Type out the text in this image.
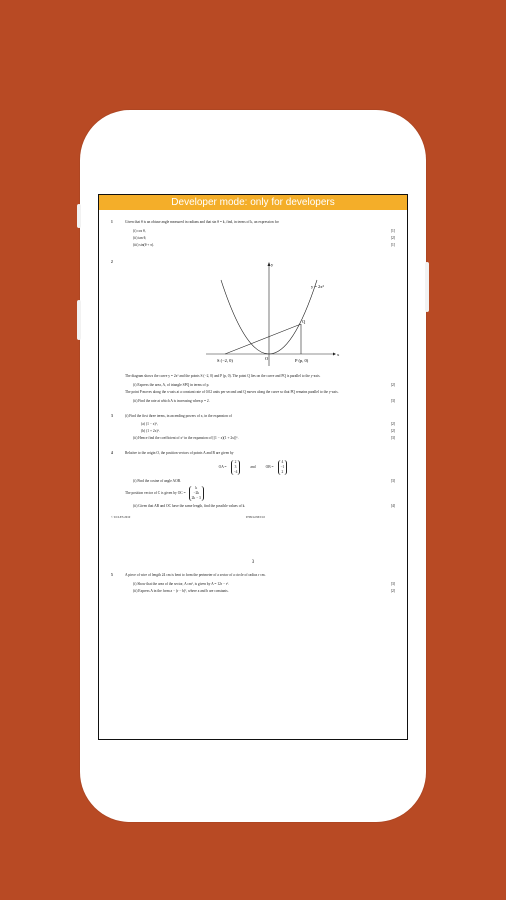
Developer mode: only for developers
1	Given that θ is an obtuse angle measured in radians and that sin θ = k, find, in terms of k, an expression for
(i) cos θ,	[1]
(ii) tan θ,	[2]
(iii) sin(θ + π).	[1]
2
y = 2x²
Q
S (−2, 0)	O	P (p, 0)
x
y
The diagram shows the curve y = 2x² and the points S (−2, 0) and P (p, 0). The point Q lies on the curve and PQ is parallel to the y-axis.
(i) Express the area, A, of triangle SPQ in terms of p.	[2]
The point P moves along the x-axis at a constant rate of 0.02 units per second and Q moves along the curve so that PQ remains parallel to the y-axis.
(ii) Find the rate at which A is increasing when p = 2.	[3]
3	(i) Find the first three terms, in ascending powers of x, in the expansion of
(a) (1 − x)⁶,	[2]
(b) (1 + 2x)⁶.	[2]
(ii) Hence find the coefficient of x² in the expansion of [(1 − x)(1 + 2x)]⁶.	[3]
4	Relative to the origin O, the position vectors of points A and B are given by
OA =
2
3
−4
and	OB =
4
−1
2
(i) Find the cosine of angle AOB.	[3]
The position vector of C is given by OC =
k
−2k
2k − 3
(ii) Given that AB and OC have the same length, find the possible values of k.	[4]
© UCLES 2010	9709/12/M/J/10
3
5	A piece of wire of length 24 cm is bent to form the perimeter of a sector of a circle of radius r cm.
(i) Show that the area of the sector, A cm², is given by A = 12r − r².	[3]
(ii) Express A in the form a − (r − b)², where a and b are constants.	[2]
